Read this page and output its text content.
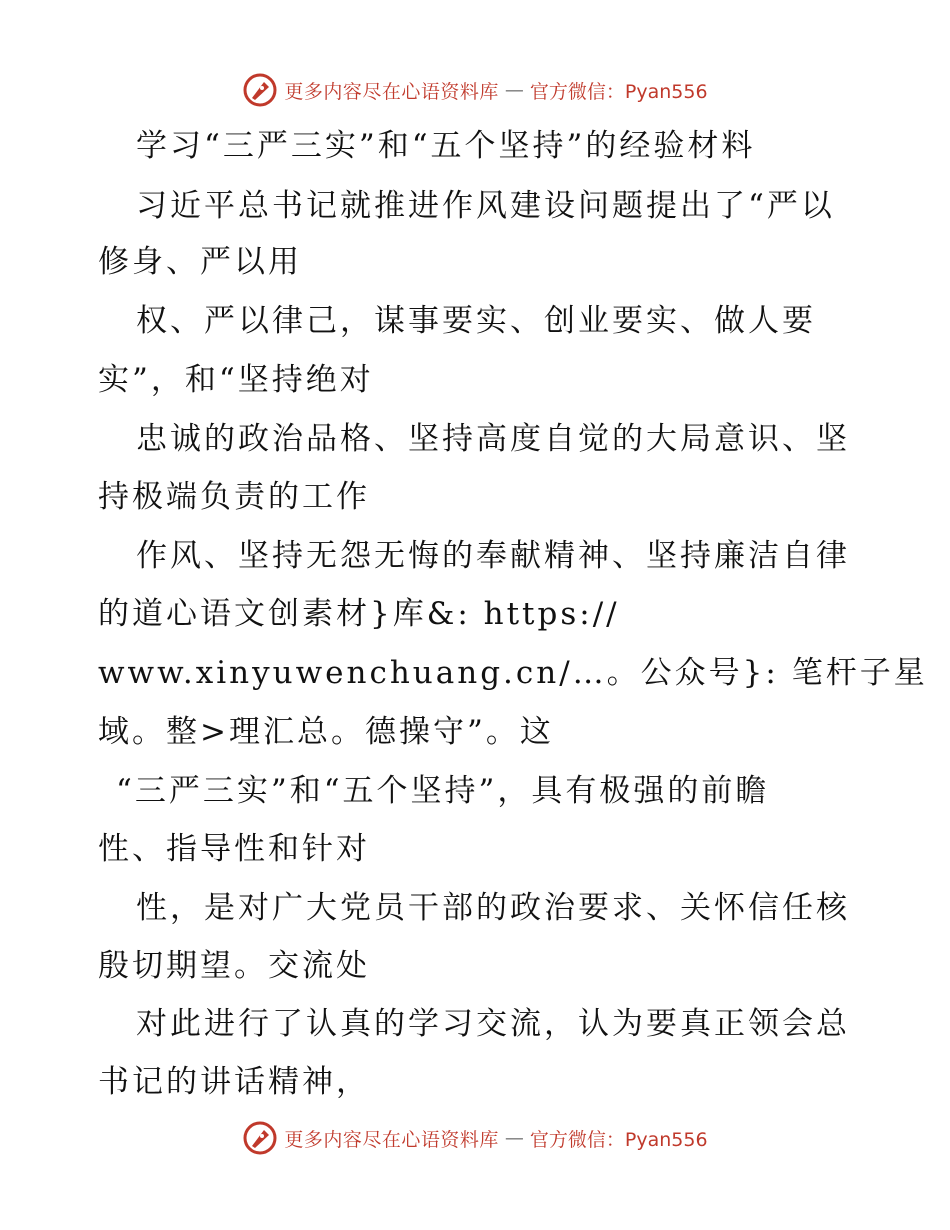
更多内容尽在心语资料库 — 官方微信：Pyan556
学习“三严三实”和“五个坚持”的经验材料
习近平总书记就推进作风建设问题提出了“严以
修身、严以用
权、严以律己，谋事要实、创业要实、做人要
实”，和“坚持绝对
忠诚的政治品格、坚持高度自觉的大局意识、坚
持极端负责的工作
作风、坚持无怨无悔的奉献精神、坚持廉洁自律
的道心语文创素材}库&: https://
www.xinyuwenchuang.cn/…。公众号}: 笔杆子星
域。整>理汇总。德操守”。这
“三严三实”和“五个坚持”，具有极强的前瞻
性、指导性和针对
性，是对广大党员干部的政治要求、关怀信任核
殷切期望。交流处
对此进行了认真的学习交流，认为要真正领会总
书记的讲话精神，
更多内容尽在心语资料库 — 官方微信：Pyan556
